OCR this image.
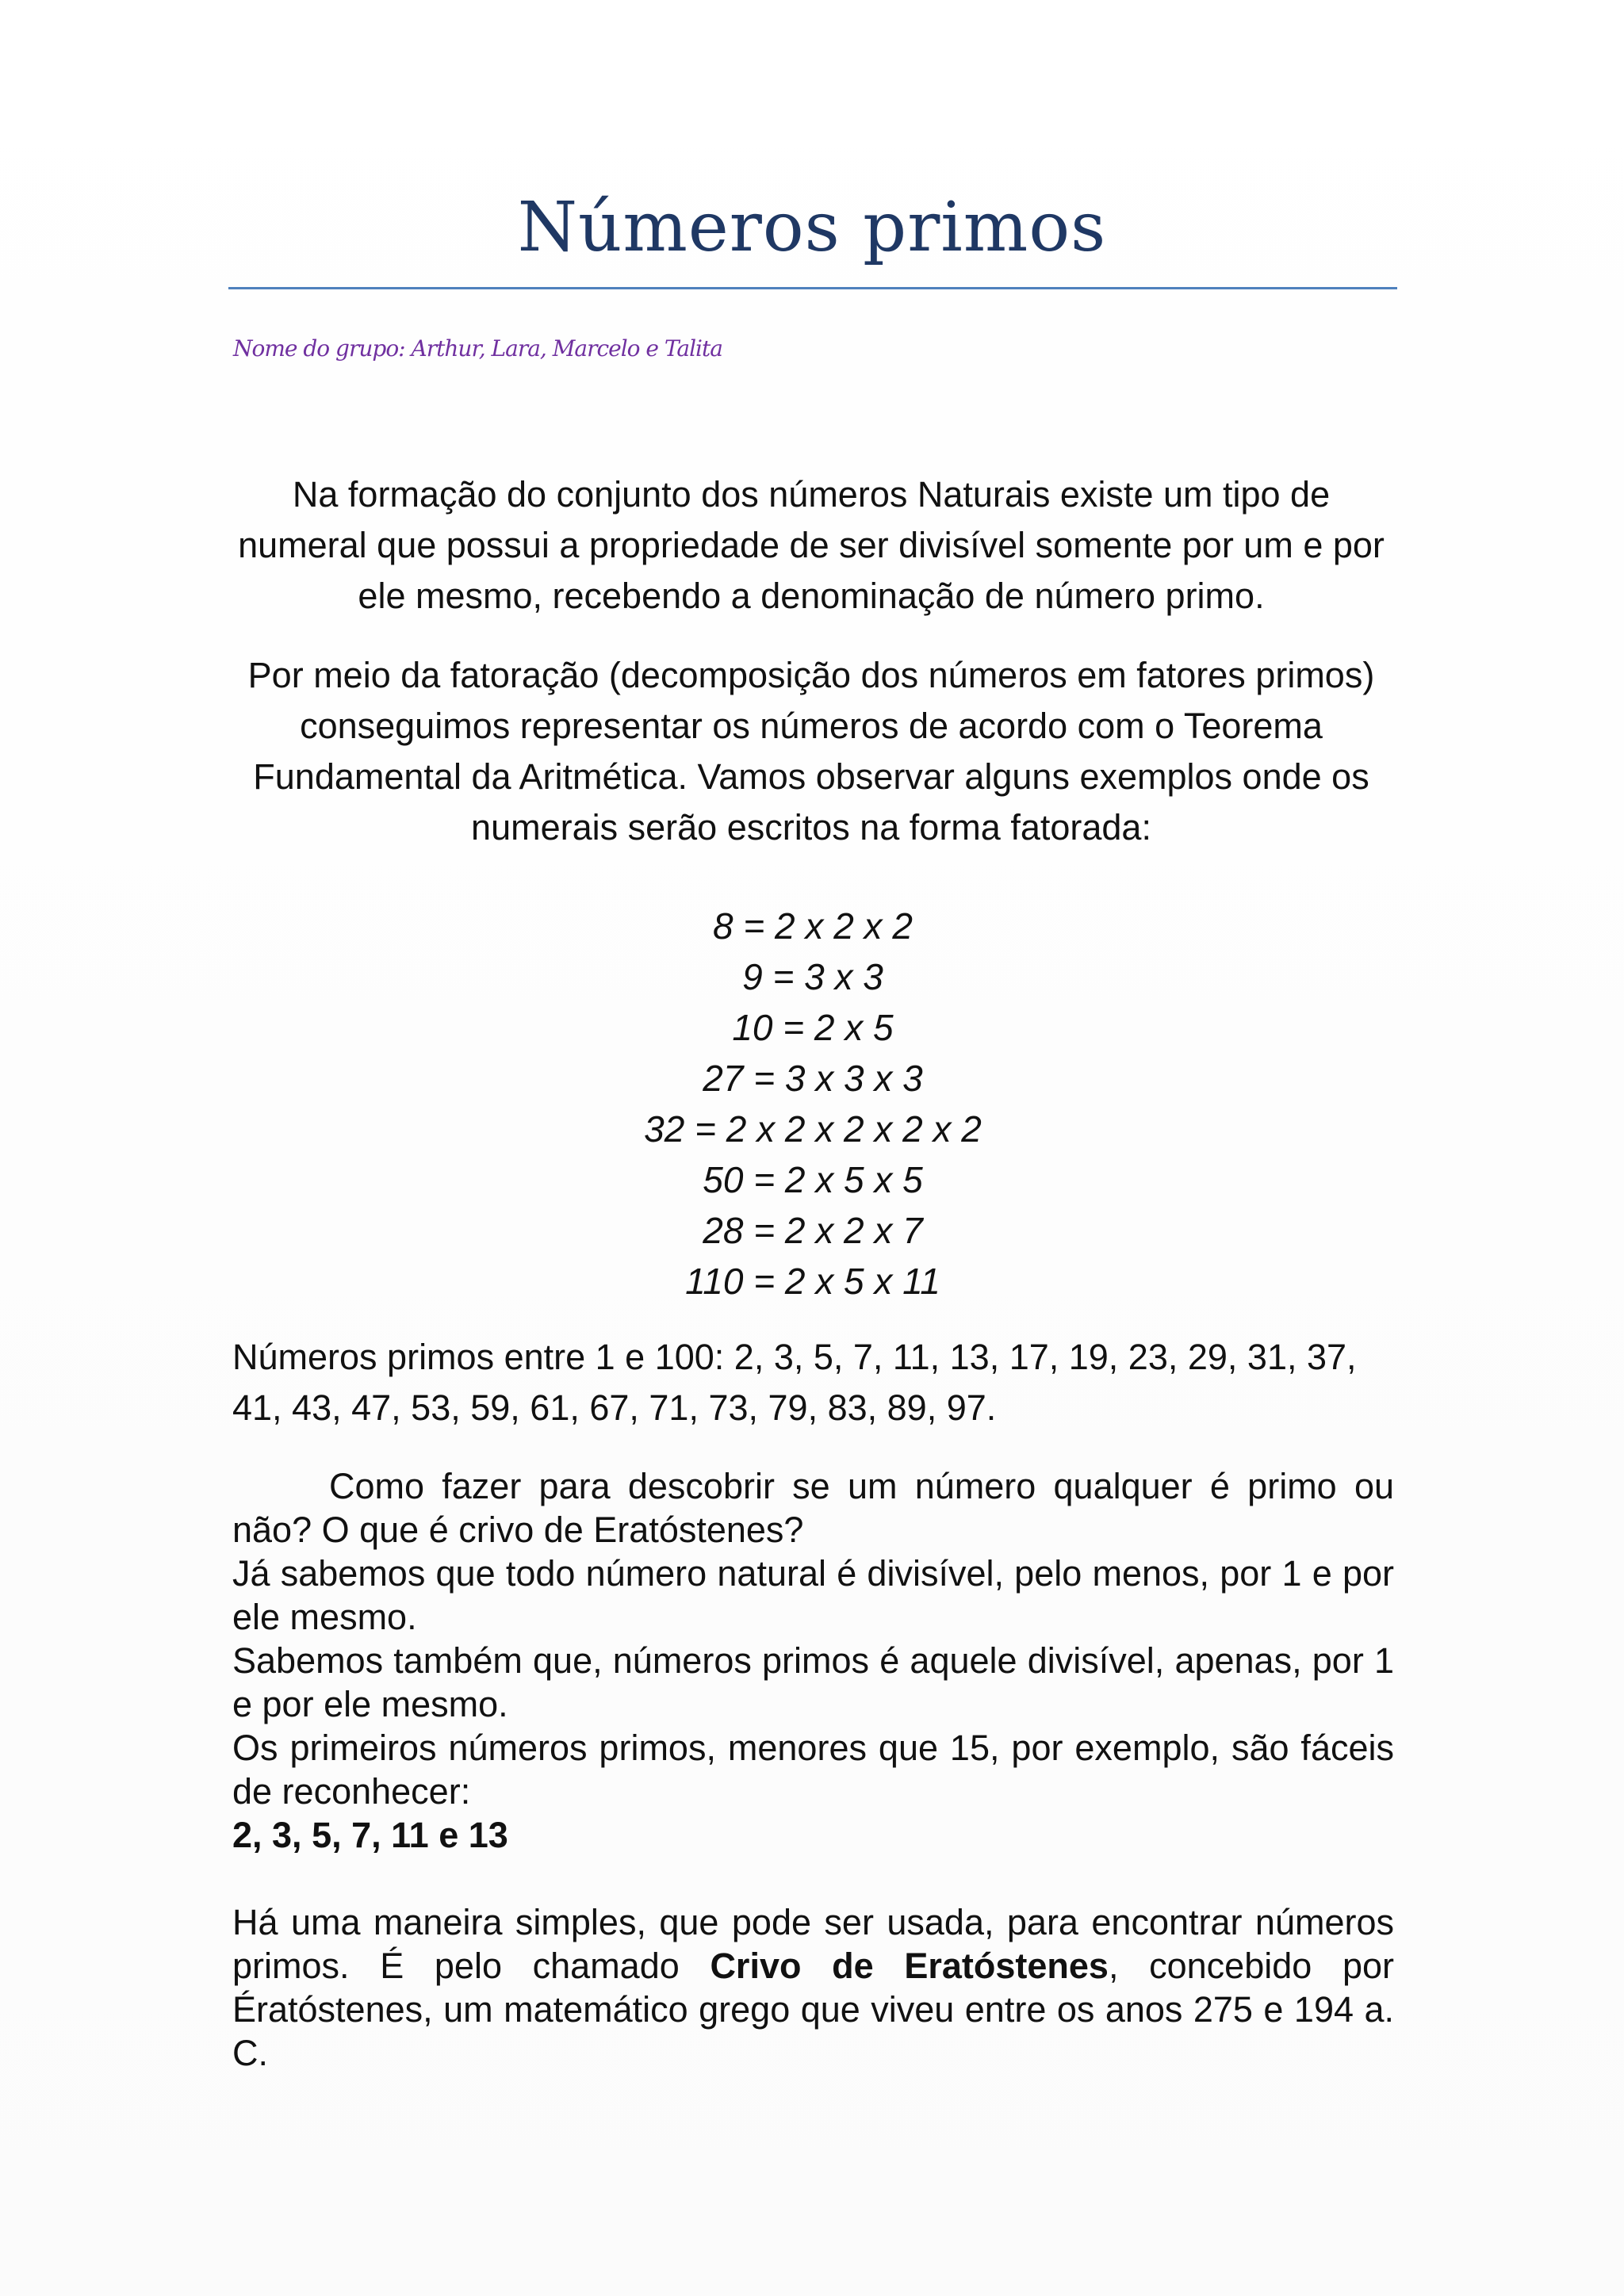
Números primos
Nome do grupo: Arthur, Lara, Marcelo e Talita

Na formação do conjunto dos números Naturais existe um tipo de numeral que possui a propriedade de ser divisível somente por um e por ele mesmo, recebendo a denominação de número primo.

Por meio da fatoração (decomposição dos números em fatores primos) conseguimos representar os números de acordo com o Teorema Fundamental da Aritmética. Vamos observar alguns exemplos onde os numerais serão escritos na forma fatorada:

8 = 2 x 2 x 2
9 = 3 x 3
10 = 2 x 5
27 = 3 x 3 x 3
32 = 2 x 2 x 2 x 2 x 2
50 = 2 x 5 x 5
28 = 2 x 2 x 7
110 = 2 x 5 x 11

Números primos entre 1 e 100: 2, 3, 5, 7, 11, 13, 17, 19, 23, 29, 31, 37, 41, 43, 47, 53, 59, 61, 67, 71, 73, 79, 83, 89, 97.

Como fazer para descobrir se um número qualquer é primo ou não? O que é crivo de Eratóstenes?

Já sabemos que todo número natural é divisível, pelo menos, por 1 e por ele mesmo.

Sabemos também que, números primos é aquele divisível, apenas, por 1 e por ele mesmo.

Os primeiros números primos, menores que 15, por exemplo, são fáceis de reconhecer:

2, 3, 5, 7, 11 e 13

Há uma maneira simples, que pode ser usada, para encontrar números primos. É pelo chamado Crivo de Eratóstenes, concebido por Ératóstenes, um matemático grego que viveu entre os anos 275 e 194 a. C.
